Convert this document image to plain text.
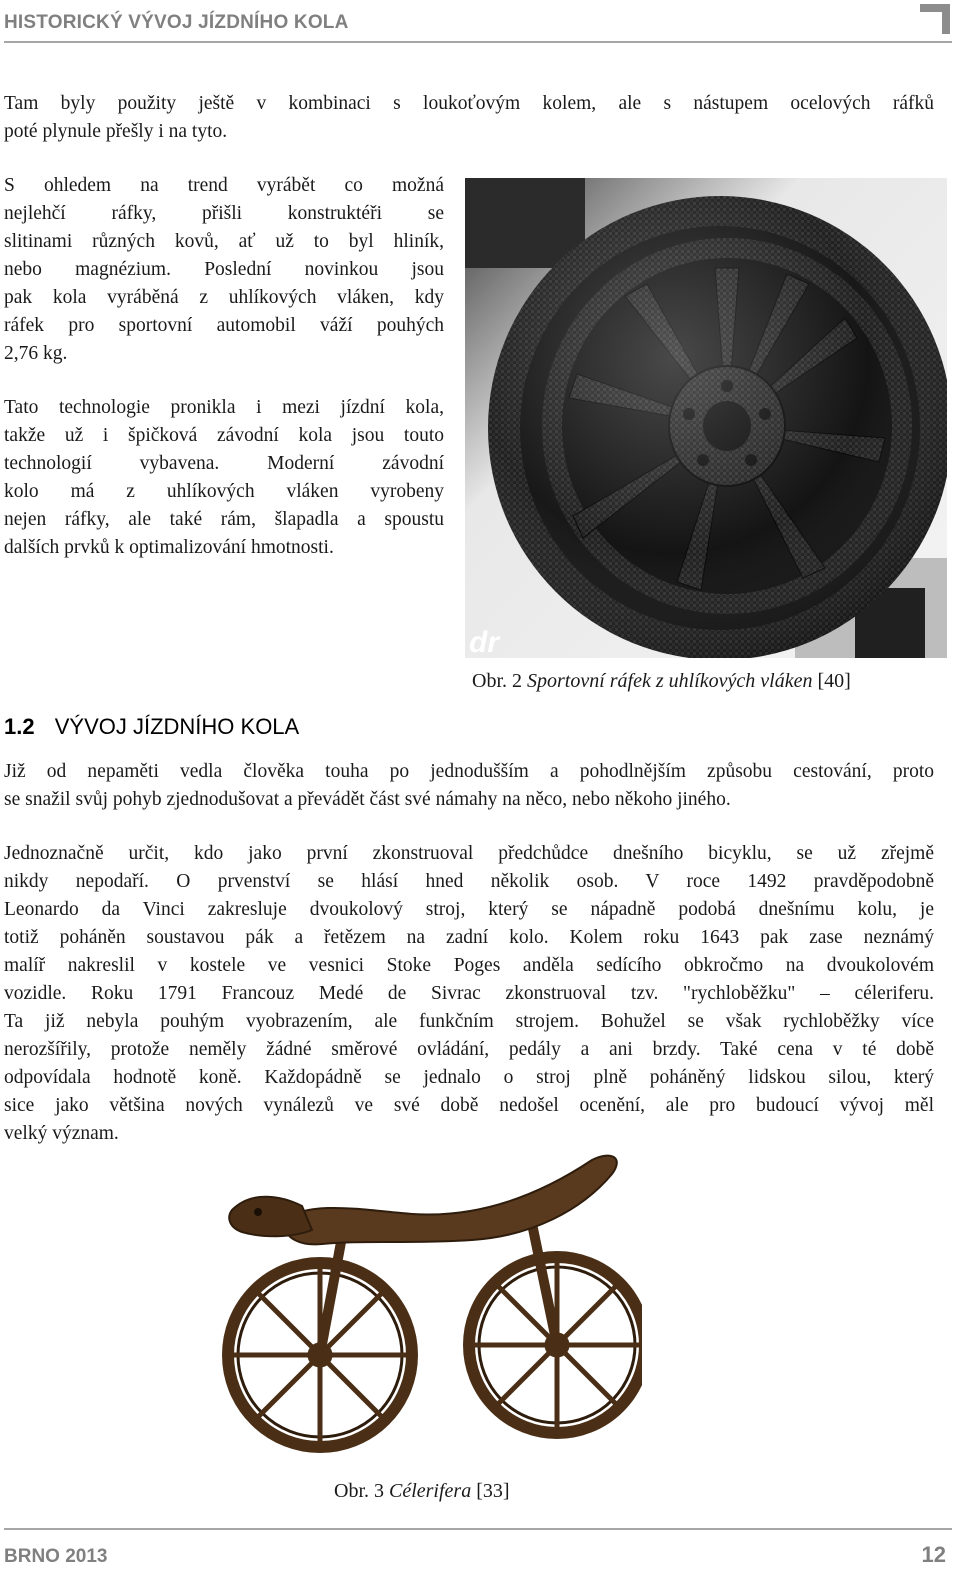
HISTORICKÝ VÝVOJ JÍZDNÍHO KOLA

Tam byly použity ještě v kombinaci s loukoťovým kolem, ale s nástupem ocelových ráfků
poté plynule přešly i na tyto.

S ohledem na trend vyrábět co možná
nejlehčí ráfky, přišli konstruktéři se
slitinami různých kovů, ať už to byl hliník,
nebo magnézium. Poslední novinkou jsou
pak kola vyráběná z uhlíkových vláken, kdy
ráfek pro sportovní automobil váží pouhých
2,76 kg.

Tato technologie pronikla i mezi jízdní kola,
takže už i špičková závodní kola jsou touto
technologií vybavena. Moderní závodní
kolo má z uhlíkových vláken vyrobeny
nejen ráfky, ale také rám, šlapadla a spoustu
dalších prvků k optimalizování hmotnosti.

dr
Obr. 2 Sportovní ráfek z uhlíkových vláken [40]
1.2 VÝVOJ JÍZDNÍHO KOLA

Již od nepaměti vedla člověka touha po jednodušším a pohodlnějším způsobu cestování, proto
se snažil svůj pohyb zjednodušovat a převádět část své námahy na něco, nebo někoho jiného.

Jednoznačně určit, kdo jako první zkonstruoval předchůdce dnešního bicyklu, se už zřejmě
nikdy nepodaří. O prvenství se hlásí hned několik osob. V roce 1492 pravděpodobně
Leonardo da Vinci zakresluje dvoukolový stroj, který se nápadně podobá dnešnímu kolu, je
totiž poháněn soustavou pák a řetězem na zadní kolo. Kolem roku 1643 pak zase neznámý
malíř nakreslil v kostele ve vesnici Stoke Poges anděla sedícího obkročmo na dvoukolovém
vozidle. Roku 1791 Francouz Medé de Sivrac zkonstruoval tzv. "rychloběžku" – céleriferu.
Ta již nebyla pouhým vyobrazením, ale funkčním strojem. Bohužel se však rychloběžky více
nerozšířily, protože neměly žádné směrové ovládání, pedály a ani brzdy. Také cena v té době
odpovídala hodnotě koně. Každopádně se jednalo o stroj plně poháněný lidskou silou, který
sice jako většina nových vynálezů ve své době nedošel ocenění, ale pro budoucí vývoj měl
velký význam.

Obr. 3 Célerifera [33]
BRNO 2013	12
